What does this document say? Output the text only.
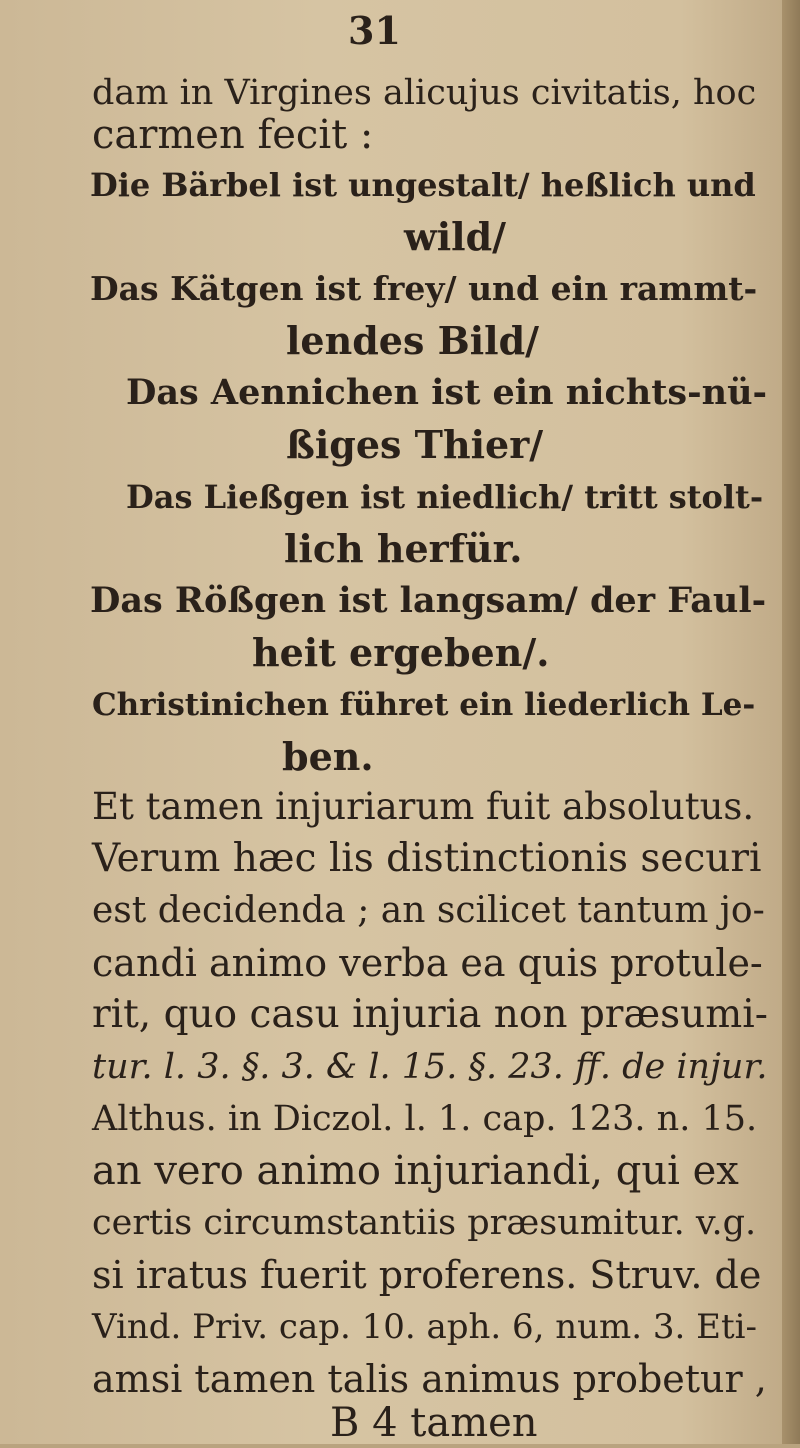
31
dam in Virgines alicujus civitatis, hoc
carmen fecit :
Die Bärbel ist ungestalt/ heßlich und
wild/
Das Kätgen ist frey/ und ein rammt-
lendes Bild/
Das Aennichen ist ein nichts-nü-
ßiges Thier/
Das Ließgen ist niedlich/ tritt stolt-
lich herfür.
Das Rößgen ist langsam/ der Faul-
heit ergeben/.
Christinichen führet ein liederlich Le-
ben.
Et tamen injuriarum fuit absolutus.
Verum hæc lis distinctionis securi
est decidenda ; an scilicet tantum jo-
candi animo verba ea quis protule-
rit, quo casu injuria non præsumi-
tur. l. 3. §. 3. & l. 15. §. 23. ff. de injur.
Althus. in Diczol. l. 1. cap. 123. n. 15.
an vero animo injuriandi, qui ex
certis circumstantiis præsumitur. v.g.
si iratus fuerit proferens. Struv. de
Vind. Priv. cap. 10. aph. 6, num. 3. Eti-
amsi tamen talis animus probetur ,
B 4 tamen
